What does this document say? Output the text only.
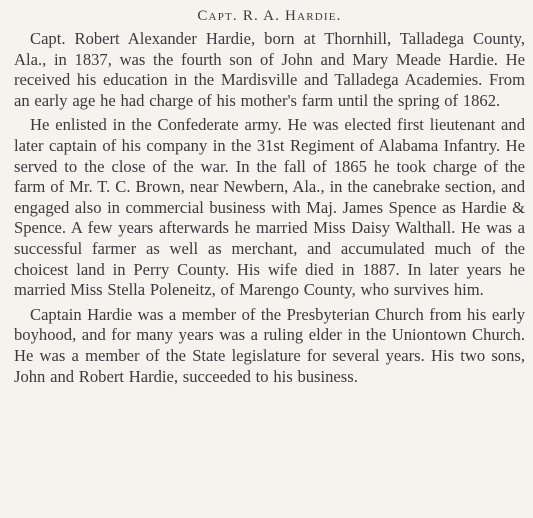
Capt. R. A. Hardie.

Capt. Robert Alexander Hardie, born at Thornhill, Talladega County, Ala., in 1837, was the fourth son of John and Mary Meade Hardie. He received his education in the Mardisville and Talladega Academies. From an early age he had charge of his mother's farm until the spring of 1862.

He enlisted in the Confederate army. He was elected first lieutenant and later captain of his company in the 31st Regiment of Alabama Infantry. He served to the close of the war. In the fall of 1865 he took charge of the farm of Mr. T. C. Brown, near Newbern, Ala., in the canebrake section, and engaged also in commercial business with Maj. James Spence as Hardie & Spence. A few years afterwards he married Miss Daisy Walthall. He was a successful farmer as well as merchant, and accumulated much of the choicest land in Perry County. His wife died in 1887. In later years he married Miss Stella Poleneitz, of Marengo County, who survives him.

Captain Hardie was a member of the Presbyterian Church from his early boyhood, and for many years was a ruling elder in the Uniontown Church. He was a member of the State legislature for several years. His two sons, John and Robert Hardie, succeeded to his business.
